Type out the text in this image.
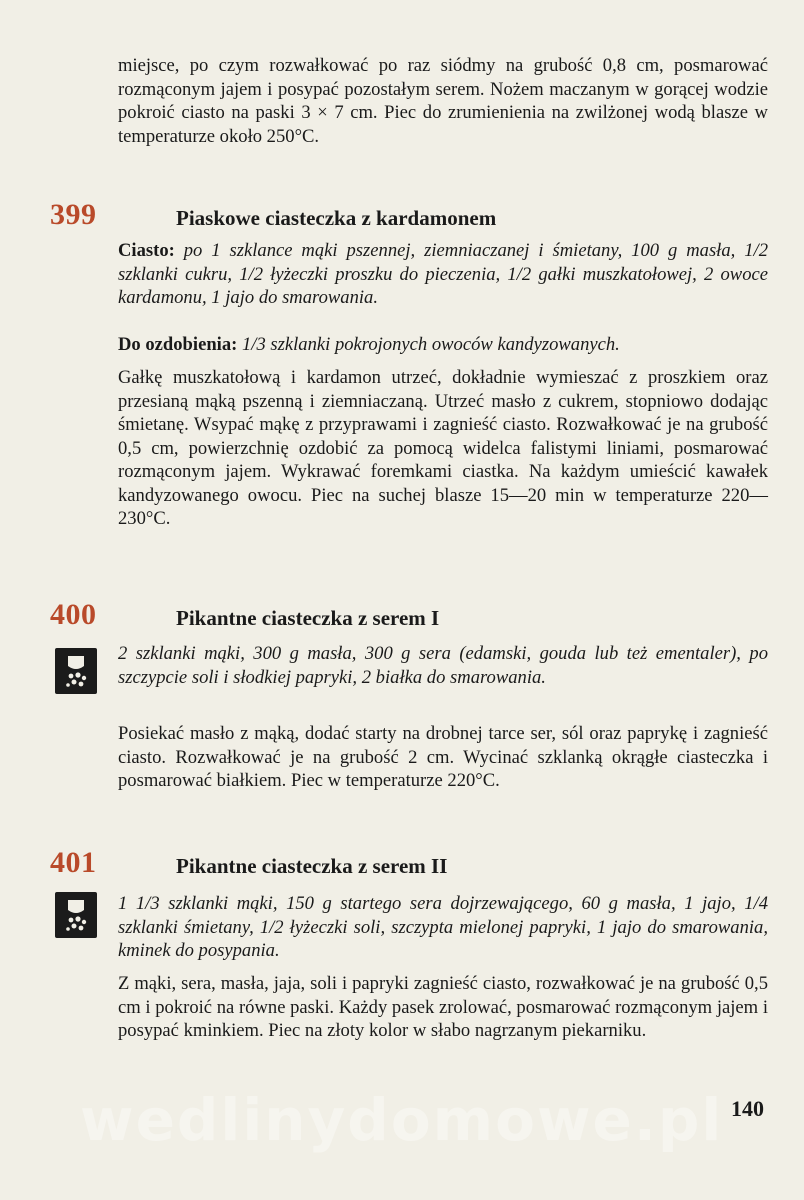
miejsce, po czym rozwałkować po raz siódmy na grubość 0,8 cm, posmarować rozmąconym jajem i posypać pozostałym serem. Nożem maczanym w gorącej wodzie pokroić ciasto na paski 3 × 7 cm. Piec do zrumienienia na zwilżonej wodą blasze w temperaturze około 250°C.

399	Piaskowe ciasteczka z kardamonem

Ciasto: po 1 szklance mąki pszennej, ziemniaczanej i śmietany, 100 g masła, 1/2 szklanki cukru, 1/2 łyżeczki proszku do pieczenia, 1/2 gałki muszkatołowej, 2 owoce kardamonu, 1 jajo do smarowania.

Do ozdobienia: 1/3 szklanki pokrojonych owoców kandyzowanych.

Gałkę muszkatołową i kardamon utrzeć, dokładnie wymieszać z proszkiem oraz przesianą mąką pszenną i ziemniaczaną. Utrzeć masło z cukrem, stopniowo dodając śmietanę. Wsypać mąkę z przyprawami i zagnieść ciasto. Rozwałkować je na grubość 0,5 cm, powierzchnię ozdobić za pomocą widelca falistymi liniami, posmarować rozmąconym jajem. Wykrawać foremkami ciastka. Na każdym umieścić kawałek kandyzowanego owocu. Piec na suchej blasze 15—20 min w temperaturze 220—230°C.

400	Pikantne ciasteczka z serem I

2 szklanki mąki, 300 g masła, 300 g sera (edamski, gouda lub też ementaler), po szczypcie soli i słodkiej papryki, 2 białka do smarowania.

Posiekać masło z mąką, dodać starty na drobnej tarce ser, sól oraz paprykę i zagnieść ciasto. Rozwałkować je na grubość 2 cm. Wycinać szklanką okrągłe ciasteczka i posmarować białkiem. Piec w temperaturze 220°C.

401	Pikantne ciasteczka z serem II

1 1/3 szklanki mąki, 150 g startego sera dojrzewającego, 60 g masła, 1 jajo, 1/4 szklanki śmietany, 1/2 łyżeczki soli, szczypta mielonej papryki, 1 jajo do smarowania, kminek do posypania.

Z mąki, sera, masła, jaja, soli i papryki zagnieść ciasto, rozwałkować je na grubość 0,5 cm i pokroić na równe paski. Każdy pasek zrolować, posmarować rozmąconym jajem i posypać kminkiem. Piec na złoty kolor w słabo nagrzanym piekarniku.

wedlinydomowe.pl 140
